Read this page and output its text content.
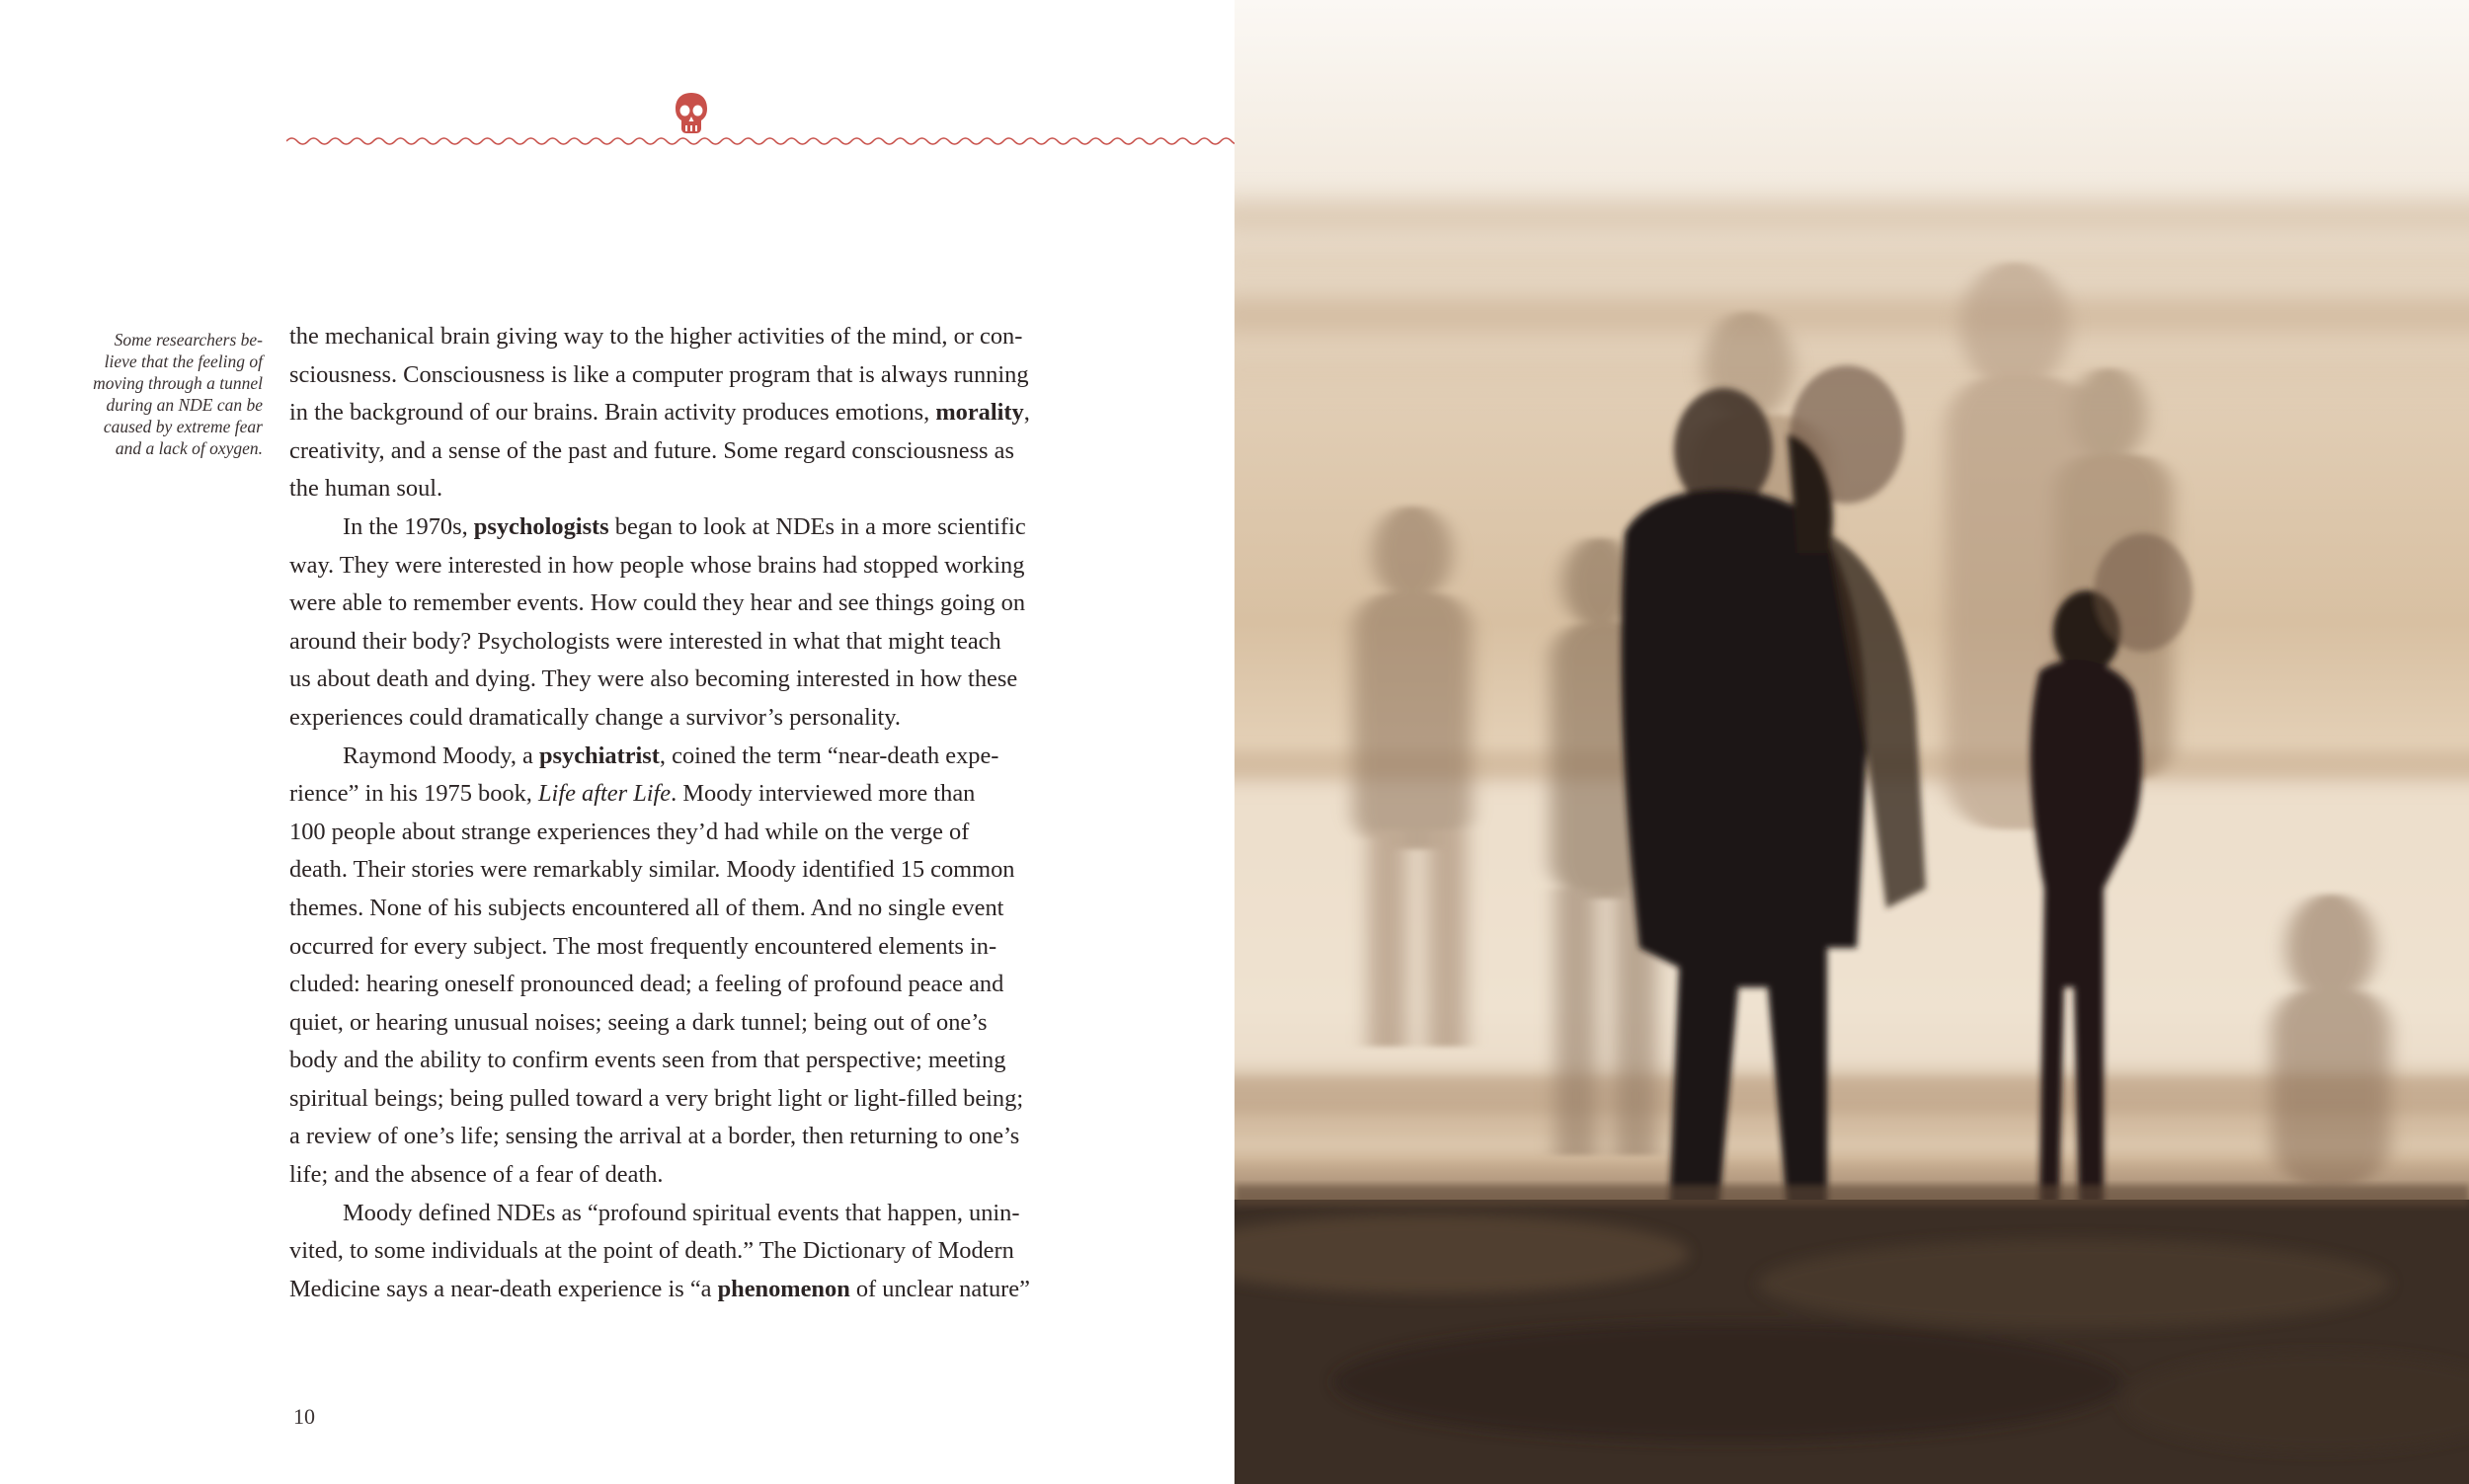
Some researchers be-
lieve that the feeling of
moving through a tunnel
during an NDE can be
caused by extreme fear
and a lack of oxygen.
the mechanical brain giving way to the higher activities of the mind, or con-
sciousness. Consciousness is like a computer program that is always running
in the background of our brains. Brain activity produces emotions, morality,
creativity, and a sense of the past and future. Some regard consciousness as
the human soul.
In the 1970s, psychologists began to look at NDEs in a more scientific
way. They were interested in how people whose brains had stopped working
were able to remember events. How could they hear and see things going on
around their body? Psychologists were interested in what that might teach
us about death and dying. They were also becoming interested in how these
experiences could dramatically change a survivor’s personality.
Raymond Moody, a psychiatrist, coined the term “near-death expe-
rience” in his 1975 book, Life after Life. Moody interviewed more than
100 people about strange experiences they’d had while on the verge of
death. Their stories were remarkably similar. Moody identified 15 common
themes. None of his subjects encountered all of them. And no single event
occurred for every subject. The most frequently encountered elements in-
cluded: hearing oneself pronounced dead; a feeling of profound peace and
quiet, or hearing unusual noises; seeing a dark tunnel; being out of one’s
body and the ability to confirm events seen from that perspective; meeting
spiritual beings; being pulled toward a very bright light or light-filled being;
a review of one’s life; sensing the arrival at a border, then returning to one’s
life; and the absence of a fear of death.
Moody defined NDEs as “profound spiritual events that happen, unin-
vited, to some individuals at the point of death.” The Dictionary of Modern
Medicine says a near-death experience is “a phenomenon of unclear nature”
10
